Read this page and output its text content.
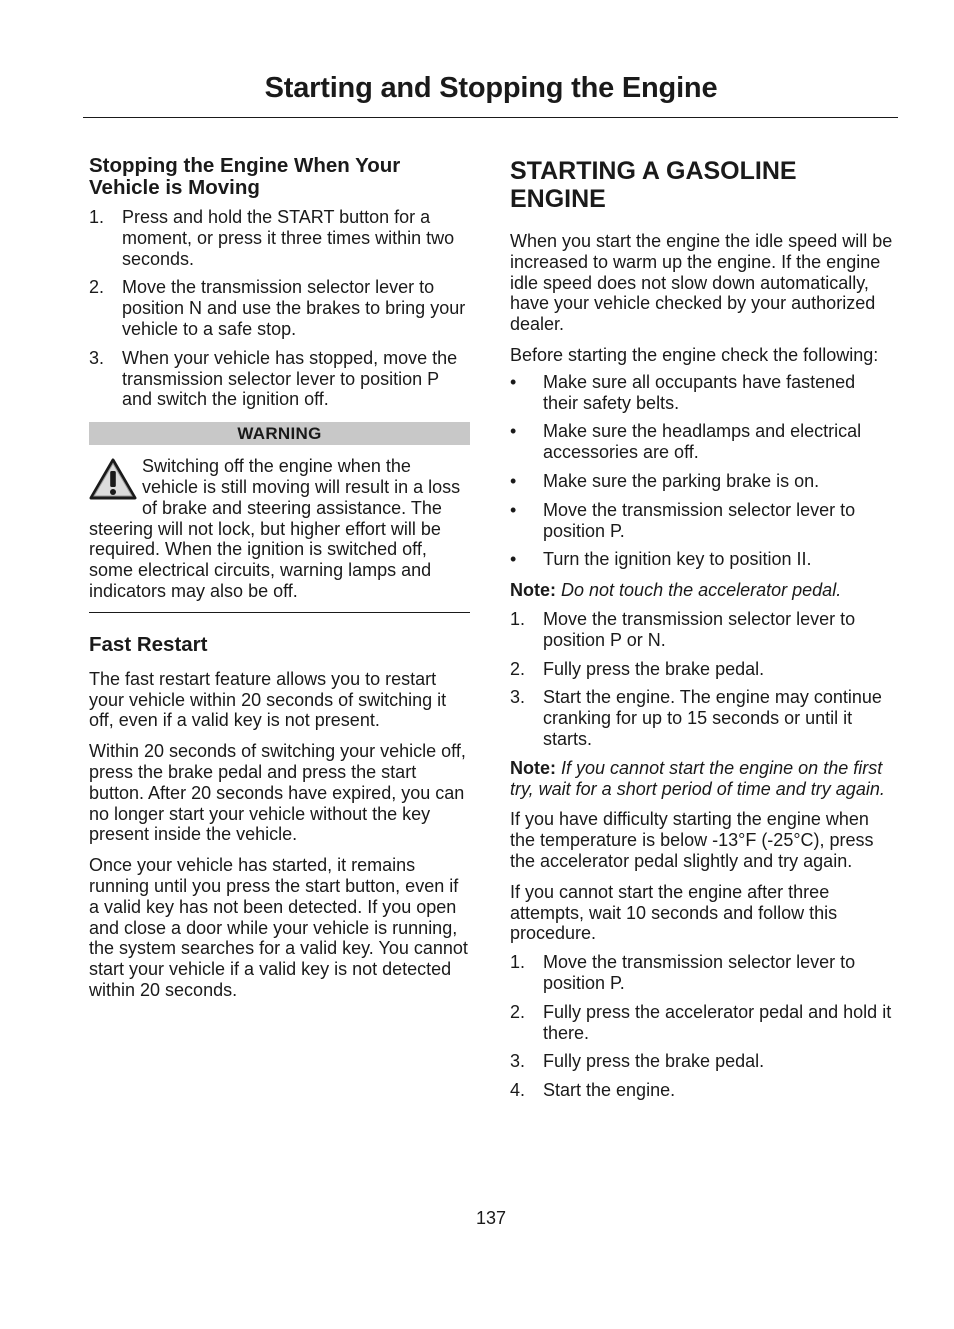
Starting and Stopping the Engine
Stopping the Engine When Your Vehicle is Moving
1. Press and hold the START button for a moment, or press it three times within two seconds.
2. Move the transmission selector lever to position N and use the brakes to bring your vehicle to a safe stop.
3. When your vehicle has stopped, move the transmission selector lever to position P and switch the ignition off.
WARNING
Switching off the engine when the vehicle is still moving will result in a loss of brake and steering assistance. The steering will not lock, but higher effort will be required. When the ignition is switched off, some electrical circuits, warning lamps and indicators may also be off.
Fast Restart

The fast restart feature allows you to restart your vehicle within 20 seconds of switching it off, even if a valid key is not present.

Within 20 seconds of switching your vehicle off, press the brake pedal and press the start button. After 20 seconds have expired, you can no longer start your vehicle without the key present inside the vehicle.

Once your vehicle has started, it remains running until you press the start button, even if a valid key has not been detected. If you open and close a door while your vehicle is running, the system searches for a valid key. You cannot start your vehicle if a valid key is not detected within 20 seconds.

STARTING A GASOLINE ENGINE

When you start the engine the idle speed will be increased to warm up the engine. If the engine idle speed does not slow down automatically, have your vehicle checked by your authorized dealer.

Before starting the engine check the following:

• Make sure all occupants have fastened their safety belts.
• Make sure the headlamps and electrical accessories are off.
• Make sure the parking brake is on.
• Move the transmission selector lever to position P.
• Turn the ignition key to position II.

Note: Do not touch the accelerator pedal.

1. Move the transmission selector lever to position P or N.
2. Fully press the brake pedal.
3. Start the engine. The engine may continue cranking for up to 15 seconds or until it starts.

Note: If you cannot start the engine on the first try, wait for a short period of time and try again.

If you have difficulty starting the engine when the temperature is below -13°F (-25°C), press the accelerator pedal slightly and try again.

If you cannot start the engine after three attempts, wait 10 seconds and follow this procedure.

1. Move the transmission selector lever to position P.
2. Fully press the accelerator pedal and hold it there.
3. Fully press the brake pedal.
4. Start the engine.
137
